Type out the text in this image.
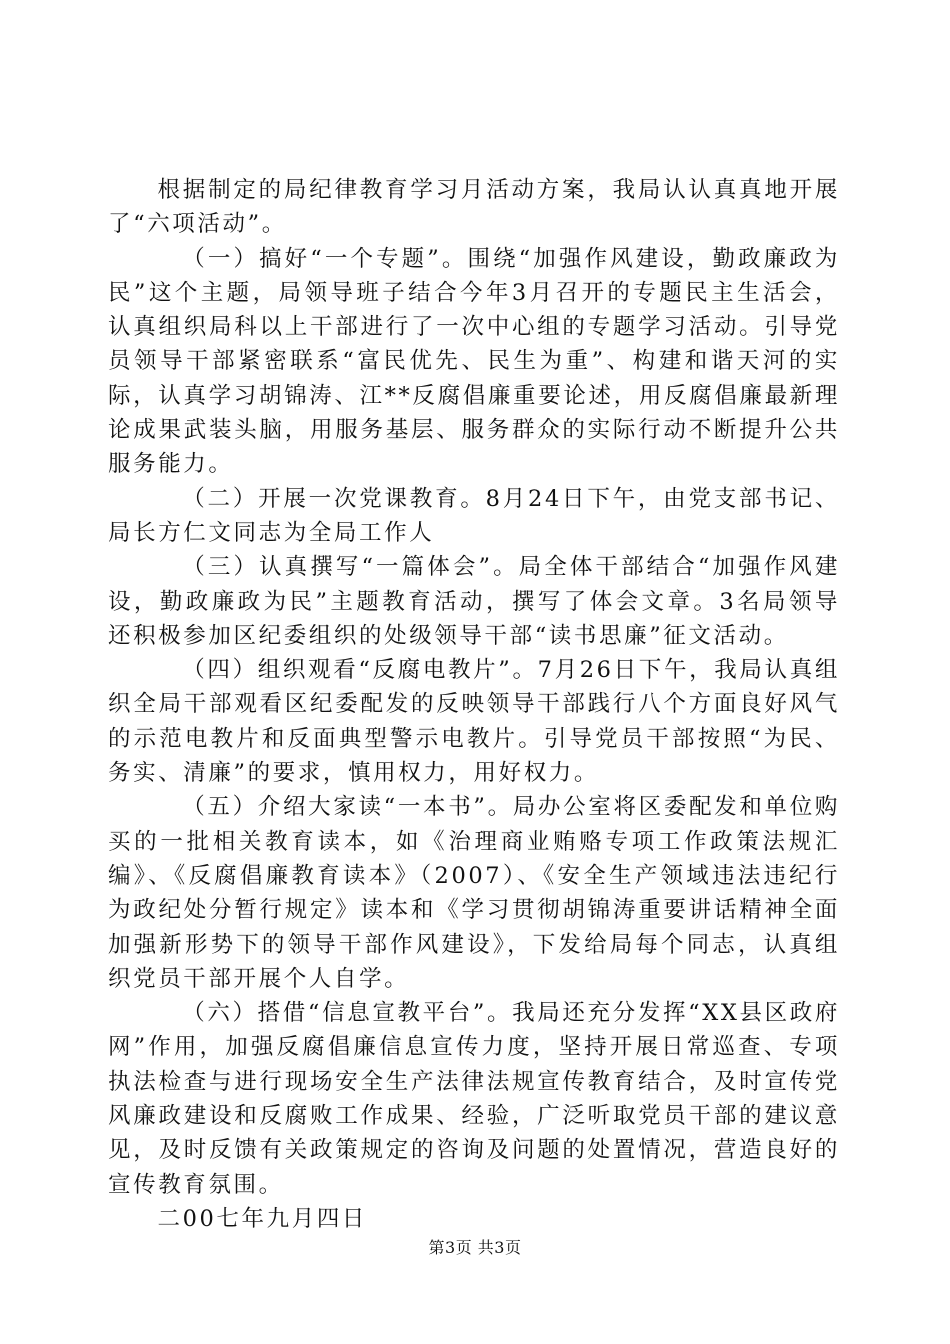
根据制定的局纪律教育学习月活动方案，我局认认真真地开展了“六项活动”。

（一）搞好“一个专题”。围绕“加强作风建设，勤政廉政为民”这个主题，局领导班子结合今年3月召开的专题民主生活会，认真组织局科以上干部进行了一次中心组的专题学习活动。引导党员领导干部紧密联系“富民优先、民生为重”、构建和谐天河的实际，认真学习胡锦涛、江**反腐倡廉重要论述，用反腐倡廉最新理论成果武装头脑，用服务基层、服务群众的实际行动不断提升公共服务能力。

（二）开展一次党课教育。8月24日下午，由党支部书记、局长方仁文同志为全局工作人

（三）认真撰写“一篇体会”。局全体干部结合“加强作风建设，勤政廉政为民”主题教育活动，撰写了体会文章。3名局领导还积极参加区纪委组织的处级领导干部“读书思廉”征文活动。

（四）组织观看“反腐电教片”。7月26日下午，我局认真组织全局干部观看区纪委配发的反映领导干部践行八个方面良好风气的示范电教片和反面典型警示电教片。引导党员干部按照“为民、务实、清廉”的要求，慎用权力，用好权力。

（五）介绍大家读“一本书”。局办公室将区委配发和单位购买的一批相关教育读本，如《治理商业贿赂专项工作政策法规汇编》、《反腐倡廉教育读本》（2007）、《安全生产领域违法违纪行为政纪处分暂行规定》读本和《学习贯彻胡锦涛重要讲话精神全面加强新形势下的领导干部作风建设》，下发给局每个同志，认真组织党员干部开展个人自学。

（六）搭借“信息宣教平台”。我局还充分发挥“XX县区政府网”作用，加强反腐倡廉信息宣传力度，坚持开展日常巡查、专项执法检查与进行现场安全生产法律法规宣传教育结合，及时宣传党风廉政建设和反腐败工作成果、经验，广泛听取党员干部的建议意见，及时反馈有关政策规定的咨询及问题的处置情况，营造良好的宣传教育氛围。

二00七年九月四日

第3页 共3页
